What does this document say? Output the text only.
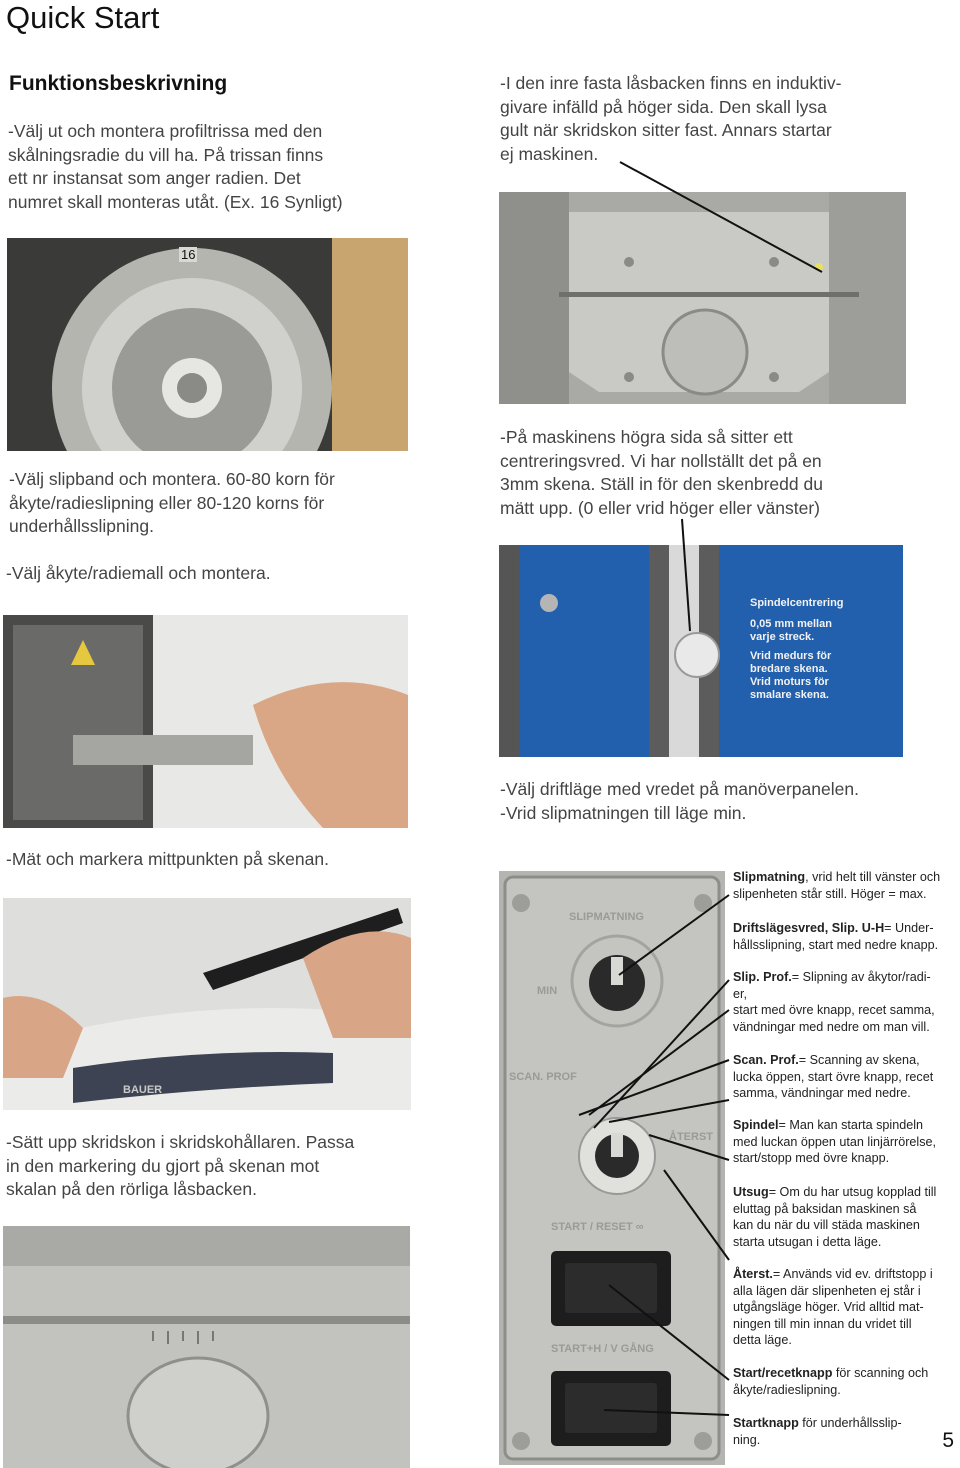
Quick Start
Funktionsbeskrivning
-Välj ut och montera profiltrissa med den
skålningsradie du vill ha. På trissan finns
ett nr instansat som anger radien. Det
numret skall monteras utåt. (Ex. 16 Synligt)
-I den inre fasta låsbacken finns en induktiv-
givare infälld på höger sida. Den skall lysa
gult när skridskon sitter fast. Annars startar
ej maskinen.
16
-Välj slipband och montera. 60-80 korn för
åkyte/radieslipning eller 80-120 korns för
underhållsslipning.
-På maskinens högra sida så sitter ett
centreringsvred. Vi har nollställt det på en
3mm skena. Ställ in för den skenbredd du
mätt upp. (0 eller vrid höger eller vänster)
Spindelcentrering
0,05 mm mellan
varje streck.
Vrid medurs för
bredare skena.
Vrid moturs för
smalare skena.
-Välj åkyte/radiemall och montera.
-Välj driftläge med vredet på manöverpanelen.
-Vrid slipmatningen till läge min.
-Mät och markera mittpunkten på skenan.
BAUER
SLIPMATNING
MIN
SCAN. PROF
ÅTERST
START / RESET ∞
START+H / V GÅNG
Slipmatning, vrid helt till vänster och
slipenheten står still. Höger = max.
Driftslägesvred, Slip. U-H= Under-
hållsslipning, start med nedre knapp.
Slip. Prof.= Slipning av åkytor/radi-
er,
start med övre knapp, recet samma,
vändningar med nedre om man vill.
Scan. Prof.= Scanning av skena,
lucka öppen, start övre knapp, recet
samma, vändningar med nedre.
Spindel= Man kan starta spindeln
med luckan öppen utan linjärrörelse,
start/stopp med övre knapp.
Utsug= Om du har utsug kopplad till
eluttag på baksidan maskinen så
kan du när du vill städa maskinen
starta utsugan i detta läge.
Återst.= Används vid ev. driftstopp i
alla lägen där slipenheten ej står i
utgångsläge höger. Vrid alltid mat-
ningen till min innan du vridet till
detta läge.
Start/recetknapp för scanning och
åkyte/radieslipning.
Startknapp för underhållsslip-
ning.
-Sätt upp skridskon i skridskohållaren. Passa
in den markering du gjort på skenan mot
skalan på den rörliga låsbacken.
5
